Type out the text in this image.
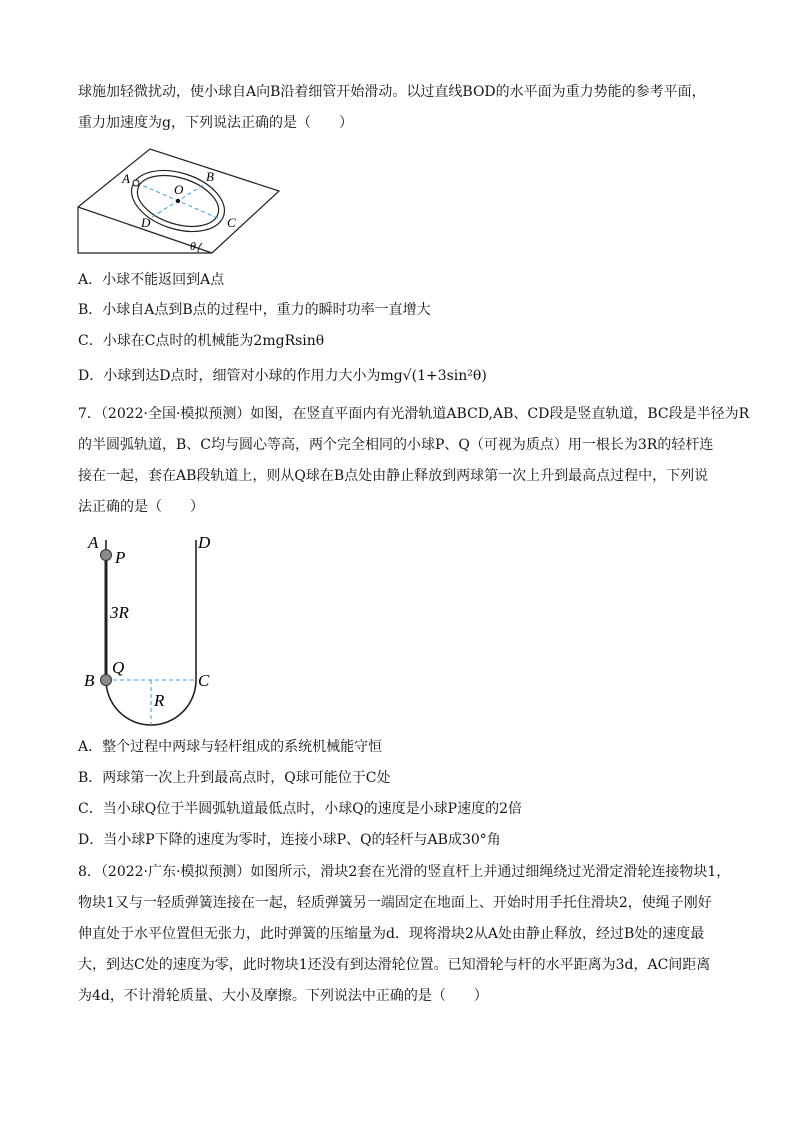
球施加轻微扰动，使小球自A向B沿着细管开始滑动。以过直线BOD的水平面为重力势能的参考平面，
重力加速度为g，下列说法正确的是（　　）
A
O
B
C
D
θ
A．小球不能返回到A点
B．小球自A点到B点的过程中，重力的瞬时功率一直增大
C．小球在C点时的机械能为2mgRsinθ
D．小球到达D点时，细管对小球的作用力大小为mg√(1+3sin²θ)
7．（2022·全国·模拟预测）如图，在竖直平面内有光滑轨道ABCD,AB、CD段是竖直轨道，BC段是半径为R
的半圆弧轨道，B、C均与圆心等高，两个完全相同的小球P、Q（可视为质点）用一根长为3R的轻杆连
接在一起，套在AB段轨道上，则从Q球在B点处由静止释放到两球第一次上升到最高点过程中，下列说
法正确的是（　　）
A
P
D
3R
B
Q
C
R
A．整个过程中两球与轻杆组成的系统机械能守恒
B．两球第一次上升到最高点时，Q球可能位于C处
C．当小球Q位于半圆弧轨道最低点时，小球Q的速度是小球P速度的2倍
D．当小球P下降的速度为零时，连接小球P、Q的轻杆与AB成30°角
8．（2022·广东·模拟预测）如图所示，滑块2套在光滑的竖直杆上并通过细绳绕过光滑定滑轮连接物块1，
物块1又与一轻质弹簧连接在一起，轻质弹簧另一端固定在地面上、开始时用手托住滑块2，使绳子刚好
伸直处于水平位置但无张力，此时弹簧的压缩量为d．现将滑块2从A处由静止释放，经过B处的速度最
大，到达C处的速度为零，此时物块1还没有到达滑轮位置。已知滑轮与杆的水平距离为3d，AC间距离
为4d，不计滑轮质量、大小及摩擦。下列说法中正确的是（　　）
